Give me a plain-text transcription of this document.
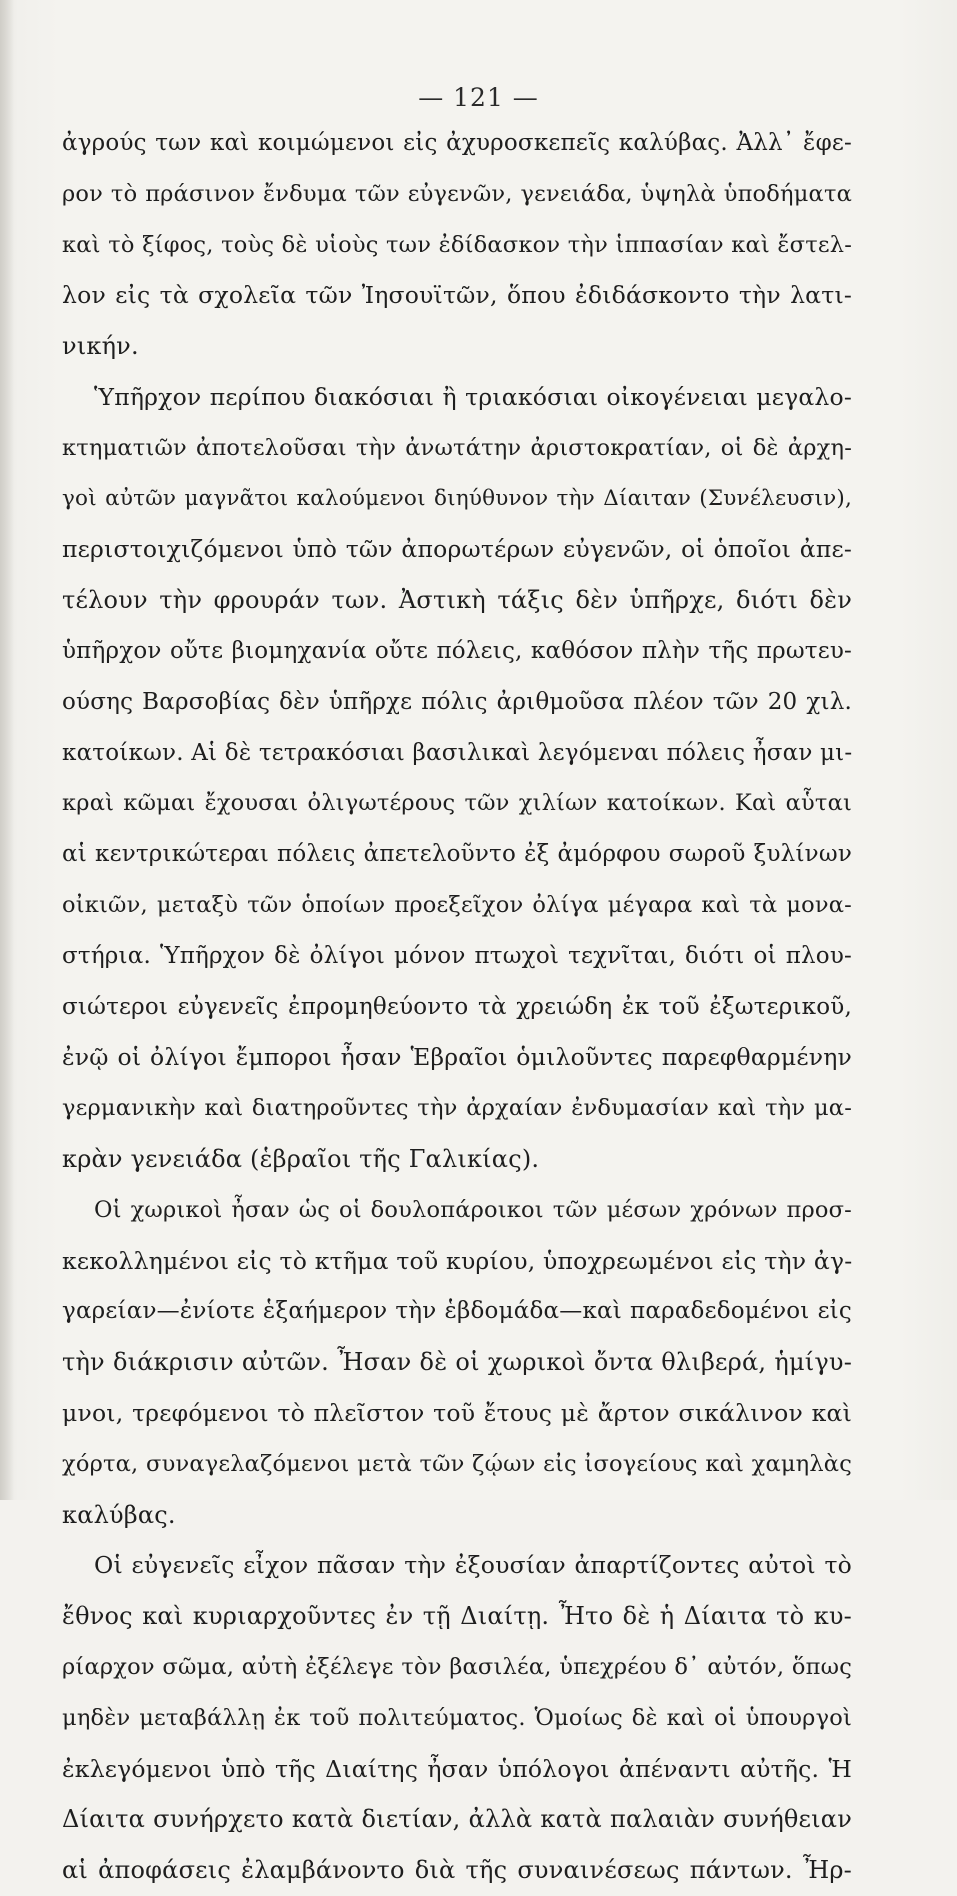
— 121 —
ἀγρούς των καὶ κοιμώμενοι εἰς ἀχυροσκεπεῖς καλύβας. Ἀλλ᾽ ἔφε-
ρον τὸ πράσινον ἔνδυμα τῶν εὐγενῶν, γενειάδα, ὑψηλὰ ὑποδήματα
καὶ τὸ ξίφος, τοὺς δὲ υἱοὺς των ἐδίδασκον τὴν ἱππασίαν καὶ ἔστελ-
λον εἰς τὰ σχολεῖα τῶν Ἰησουϊτῶν, ὅπου ἐδιδάσκοντο τὴν λατι-
νικήν.
Ὑπῆρχον περίπου διακόσιαι ἢ τριακόσιαι οἰκογένειαι μεγαλο-
κτηματιῶν ἀποτελοῦσαι τὴν ἀνωτάτην ἀριστοκρατίαν, οἱ δὲ ἀρχη-
γοὶ αὐτῶν μαγνᾶτοι καλούμενοι διηύθυνον τὴν Δίαιταν (Συνέλευσιν),
περιστοιχιζόμενοι ὑπὸ τῶν ἀπορωτέρων εὐγενῶν, οἱ ὁποῖοι ἀπε-
τέλουν τὴν φρουράν των. Ἀστικὴ τάξις δὲν ὑπῆρχε, διότι δὲν
ὑπῆρχον οὔτε βιομηχανία οὔτε πόλεις, καθόσον πλὴν τῆς πρωτευ-
ούσης Βαρσοβίας δὲν ὑπῆρχε πόλις ἀριθμοῦσα πλέον τῶν 20 χιλ.
κατοίκων. Αἱ δὲ τετρακόσιαι βασιλικαὶ λεγόμεναι πόλεις ἦσαν μι-
κραὶ κῶμαι ἔχουσαι ὀλιγωτέρους τῶν χιλίων κατοίκων. Καὶ αὗται
αἱ κεντρικώτεραι πόλεις ἀπετελοῦντο ἐξ ἀμόρφου σωροῦ ξυλίνων
οἰκιῶν, μεταξὺ τῶν ὁποίων προεξεῖχον ὀλίγα μέγαρα καὶ τὰ μονα-
στήρια. Ὑπῆρχον δὲ ὀλίγοι μόνον πτωχοὶ τεχνῖται, διότι οἱ πλου-
σιώτεροι εὐγενεῖς ἐπρομηθεύοντο τὰ χρειώδη ἐκ τοῦ ἐξωτερικοῦ,
ἐνῷ οἱ ὀλίγοι ἔμποροι ἦσαν Ἑβραῖοι ὁμιλοῦντες παρεφθαρμένην
γερμανικὴν καὶ διατηροῦντες τὴν ἀρχαίαν ἐνδυμασίαν καὶ τὴν μα-
κρὰν γενειάδα (ἑβραῖοι τῆς Γαλικίας).
Οἱ χωρικοὶ ἦσαν ὡς οἱ δουλοπάροικοι τῶν μέσων χρόνων προσ-
κεκολλημένοι εἰς τὸ κτῆμα τοῦ κυρίου, ὑποχρεωμένοι εἰς τὴν ἀγ-
γαρείαν—ἐνίοτε ἑξαήμερον τὴν ἑβδομάδα—καὶ παραδεδομένοι εἰς
τὴν διάκρισιν αὐτῶν. Ἦσαν δὲ οἱ χωρικοὶ ὄντα θλιβερά, ἡμίγυ-
μνοι, τρεφόμενοι τὸ πλεῖστον τοῦ ἔτους μὲ ἄρτον σικάλινον καὶ
χόρτα, συναγελαζόμενοι μετὰ τῶν ζῴων εἰς ἰσογείους καὶ χαμηλὰς
καλύβας.
Οἱ εὐγενεῖς εἶχον πᾶσαν τὴν ἐξουσίαν ἀπαρτίζοντες αὐτοὶ τὸ
ἔθνος καὶ κυριαρχοῦντες ἐν τῇ Διαίτῃ. Ἦτο δὲ ἡ Δίαιτα τὸ κυ-
ρίαρχον σῶμα, αὐτὴ ἐξέλεγε τὸν βασιλέα, ὑπεχρέου δ᾽ αὐτόν, ὅπως
μηδὲν μεταβάλλῃ ἐκ τοῦ πολιτεύματος. Ὁμοίως δὲ καὶ οἱ ὑπουργοὶ
ἐκλεγόμενοι ὑπὸ τῆς Διαίτης ἦσαν ὑπόλογοι ἀπέναντι αὐτῆς. Ἡ
Δίαιτα συνήρχετο κατὰ διετίαν, ἀλλὰ κατὰ παλαιὰν συνήθειαν
αἱ ἀποφάσεις ἐλαμβάνοντο διὰ τῆς συναινέσεως πάντων. Ἦρ-
